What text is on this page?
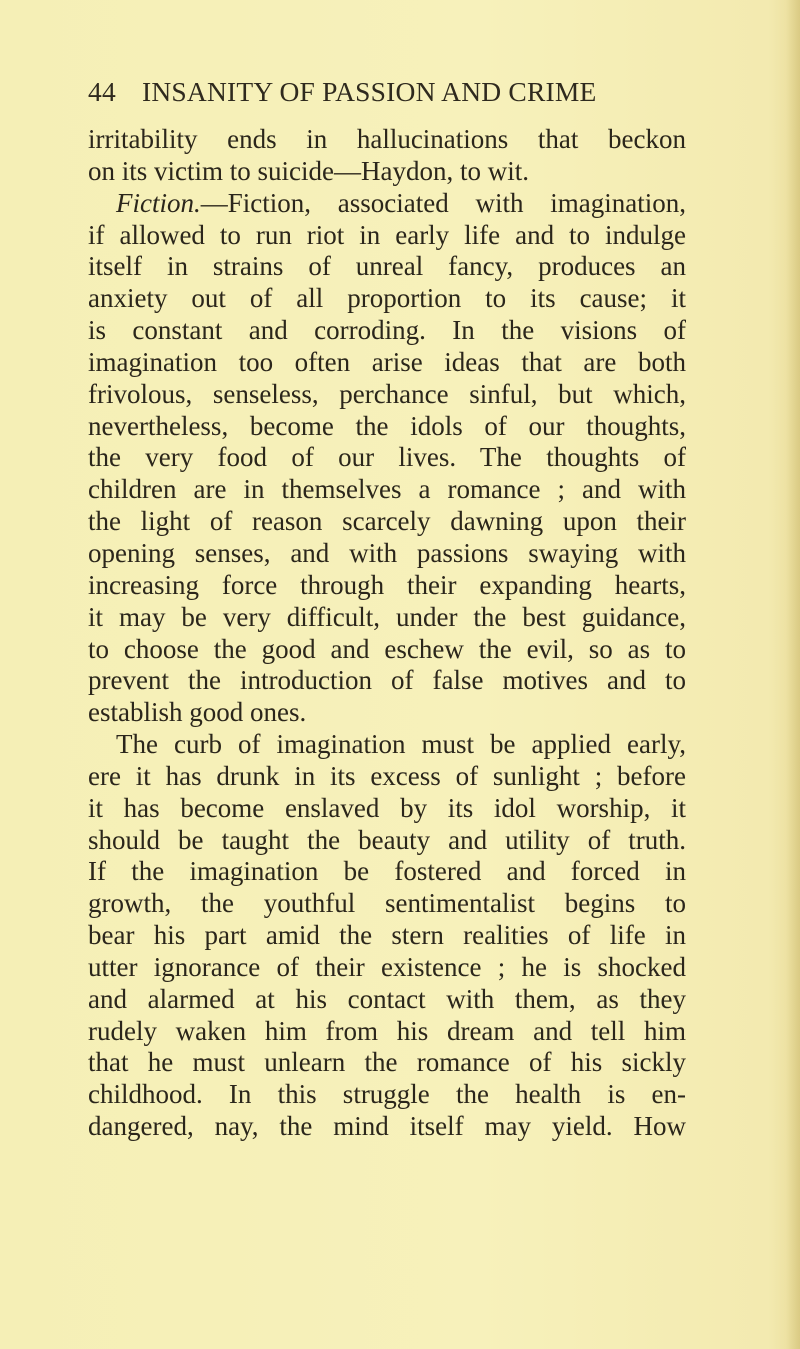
44 INSANITY OF PASSION AND CRIME
irritability ends in hallucinations that beckon
on its victim to suicide—Haydon, to wit.
Fiction.—Fiction, associated with imagination,
if allowed to run riot in early life and to indulge
itself in strains of unreal fancy, produces an
anxiety out of all proportion to its cause; it
is constant and corroding. In the visions of
imagination too often arise ideas that are both
frivolous, senseless, perchance sinful, but which,
nevertheless, become the idols of our thoughts,
the very food of our lives. The thoughts of
children are in themselves a romance ; and with
the light of reason scarcely dawning upon their
opening senses, and with passions swaying with
increasing force through their expanding hearts,
it may be very difficult, under the best guidance,
to choose the good and eschew the evil, so as to
prevent the introduction of false motives and to
establish good ones.
The curb of imagination must be applied early,
ere it has drunk in its excess of sunlight ; before
it has become enslaved by its idol worship, it
should be taught the beauty and utility of truth.
If the imagination be fostered and forced in
growth, the youthful sentimentalist begins to
bear his part amid the stern realities of life in
utter ignorance of their existence ; he is shocked
and alarmed at his contact with them, as they
rudely waken him from his dream and tell him
that he must unlearn the romance of his sickly
childhood. In this struggle the health is en-
dangered, nay, the mind itself may yield. How
